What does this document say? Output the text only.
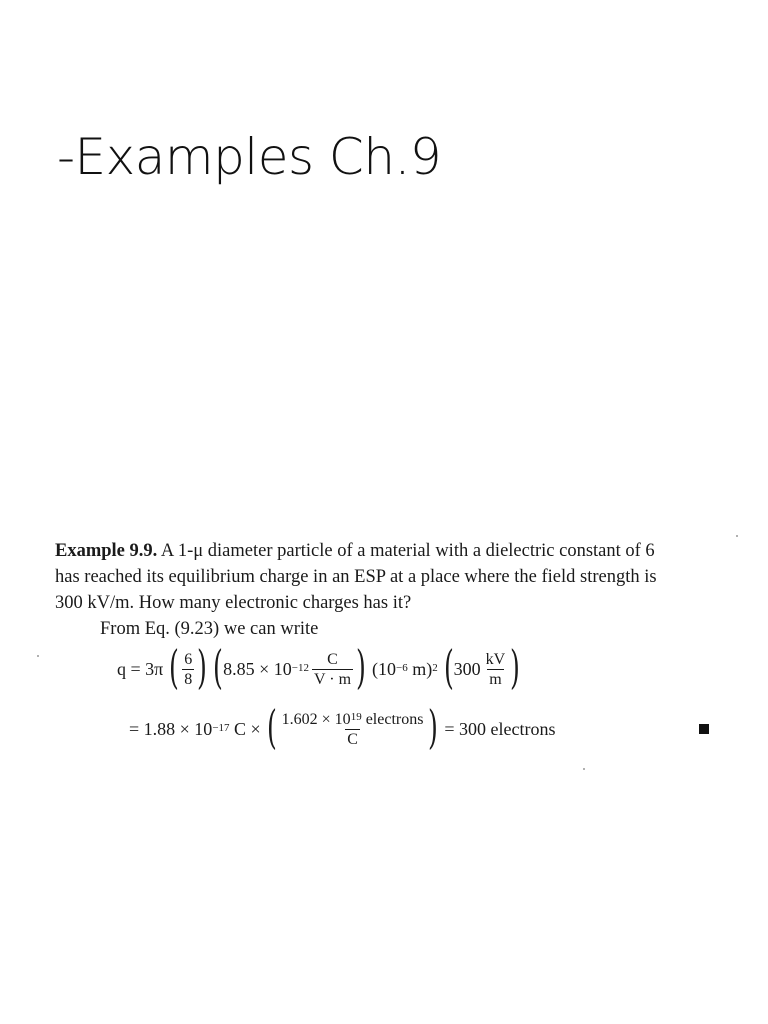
-Examples Ch.9
Example 9.9. A 1-μ diameter particle of a material with a dielectric constant of 6
has reached its equilibrium charge in an ESP at a place where the field strength is
300 kV/m. How many electronic charges has it?
From Eq. (9.23) we can write
q = 3π ( $\frac{6}{8}$ ) ( $8.85 \times 10^{-12} \frac{C}{V \cdot m}$ ) ($10^{-6}$ m)$^2$ ( $300 \frac{kV}{m}$ )
= $1.88 \times 10^{-17}$ C × ( $\frac{1.602 \times 10^{19} electrons}{C}$ ) = 300 electrons
